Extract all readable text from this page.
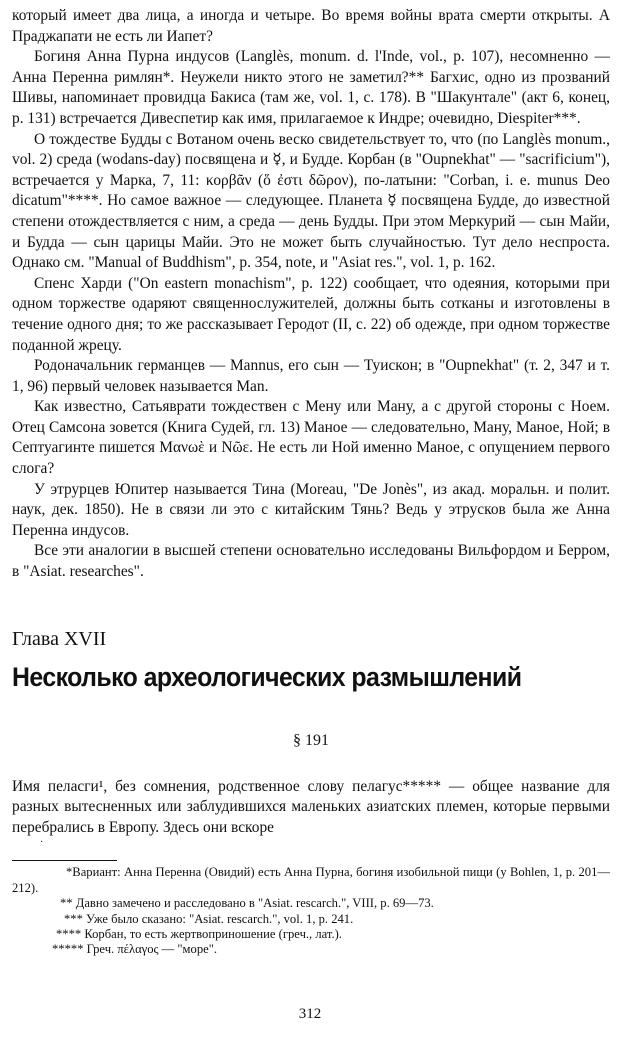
который имеет два лица, а иногда и четыре. Во время войны врата смерти открыты. А Праджапати не есть ли Иапет?

Богиня Анна Пурна индусов (Langlès, monum. d. l'Inde, vol., p. 107), несомненно — Анна Перенна римлян*. Неужели никто этого не заметил?** Багхис, одно из прозваний Шивы, напоминает провидца Бакиса (там же, vol. 1, c. 178). В "Шакунтале" (акт 6, конец, p. 131) встречается Дивеспетир как имя, прилагаемое к Индре; очевидно, Diespiter***.

О тождестве Будды с Вотаном очень веско свидетельствует то, что (по Langlès monum., vol. 2) среда (wodans-day) посвящена и ☿, и Будде. Корбан (в "Oupnekhat" — "sacrificium"), встречается у Марка, 7, 11: κορβᾶν (ὅ ἐστι δῶρον), по-латыни: "Corban, i. e. munus Deo dicatum"****. Но самое важное — следующее. Планета ☿ посвящена Будде, до известной степени отождествляется с ним, а среда — день Будды. При этом Меркурий — сын Майи, и Будда — сын царицы Майи. Это не может быть случайностью. Тут дело неспроста. Однако см. "Manual of Buddhism", p. 354, note, и "Asiat res.", vol. 1, p. 162.

Спенс Харди ("On eastern monachism", p. 122) сообщает, что одеяния, которыми при одном торжестве одаряют священнослужителей, должны быть сотканы и изготовлены в течение одного дня; то же рассказывает Геродот (II, c. 22) об одежде, при одном торжестве поданной жрецу.

Родоначальник германцев — Mannus, его сын — Туискон; в "Oupnekhat" (т. 2, 347 и т. 1, 96) первый человек называется Man.

Как известно, Сатьяврати тождествен с Мену или Ману, а с другой стороны с Ноем. Отец Самсона зовется (Книга Судей, гл. 13) Маное — следовательно, Ману, Маное, Ной; в Септуагинте пишется Μανωὲ и Nῶε. Не есть ли Ной именно Маное, с опущением первого слога?

У этрурцев Юпитер называется Тина (Moreau, "De Jonès", из акад. моральн. и полит. наук, дек. 1850). Не в связи ли это с китайским Тянь? Ведь у этрусков была же Анна Перенна индусов.

Все эти аналогии в высшей степени основательно исследованы Вильфордом и Берром, в "Asiat. researches".

Глава XVII
Несколько археологических размышлений
§ 191

Имя пеласги¹, без сомнения, родственное слову пелагус***** — общее название для разных вытесненных или заблудившихся маленьких азиатских племен, которые первыми перебрались в Европу. Здесь они вскоре

·

*Вариант: Анна Перенна (Овидий) есть Анна Пурна, богиня изобильной пищи (у Bohlen, 1, p. 201—212).

** Давно замечено и расследовано в "Asiat. rescarch.", VIII, p. 69—73.

*** Уже было сказано: "Asiat. rescarch.", vol. 1, p. 241.

**** Корбан, то есть жертвоприношение (греч., лат.).

***** Греч. πέλαγος — "море".

312
